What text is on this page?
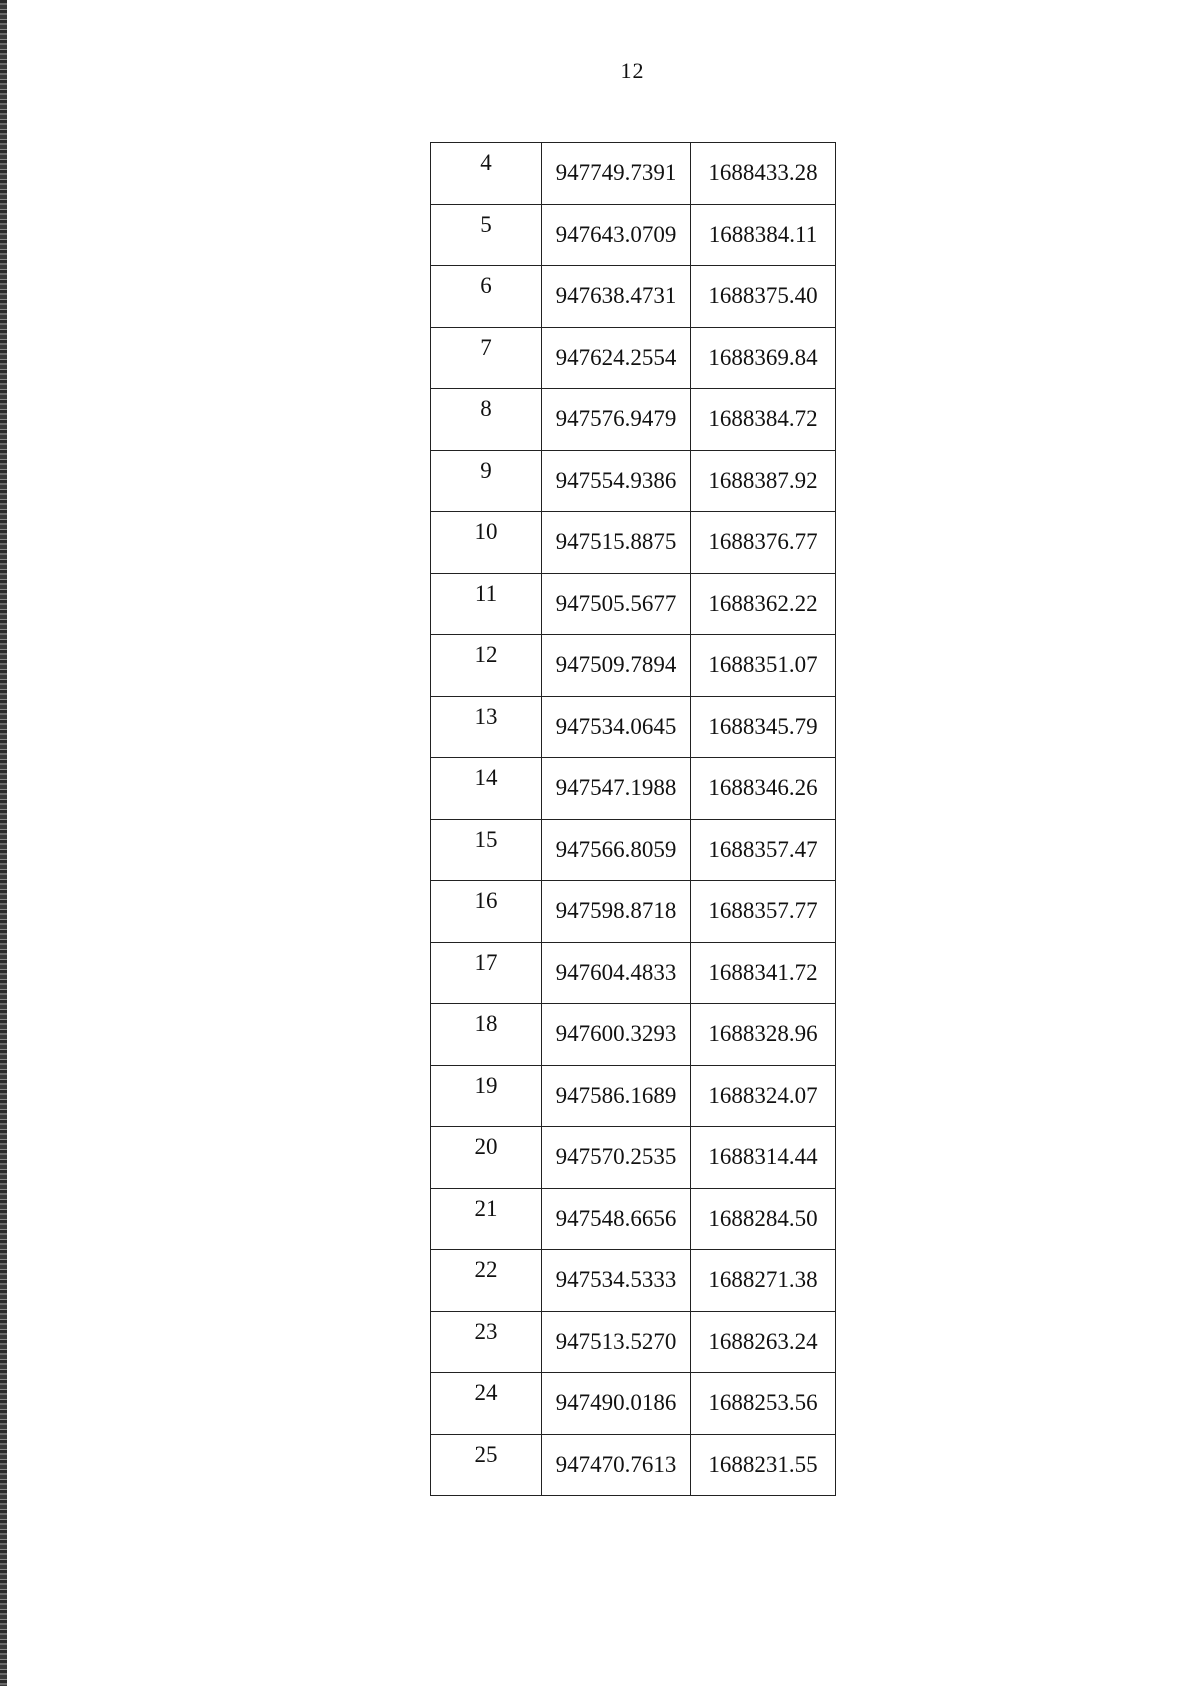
12
4	947749.7391	1688433.28
5	947643.0709	1688384.11
6	947638.4731	1688375.40
7	947624.2554	1688369.84
8	947576.9479	1688384.72
9	947554.9386	1688387.92
10	947515.8875	1688376.77
11	947505.5677	1688362.22
12	947509.7894	1688351.07
13	947534.0645	1688345.79
14	947547.1988	1688346.26
15	947566.8059	1688357.47
16	947598.8718	1688357.77
17	947604.4833	1688341.72
18	947600.3293	1688328.96
19	947586.1689	1688324.07
20	947570.2535	1688314.44
21	947548.6656	1688284.50
22	947534.5333	1688271.38
23	947513.5270	1688263.24
24	947490.0186	1688253.56
25	947470.7613	1688231.55
